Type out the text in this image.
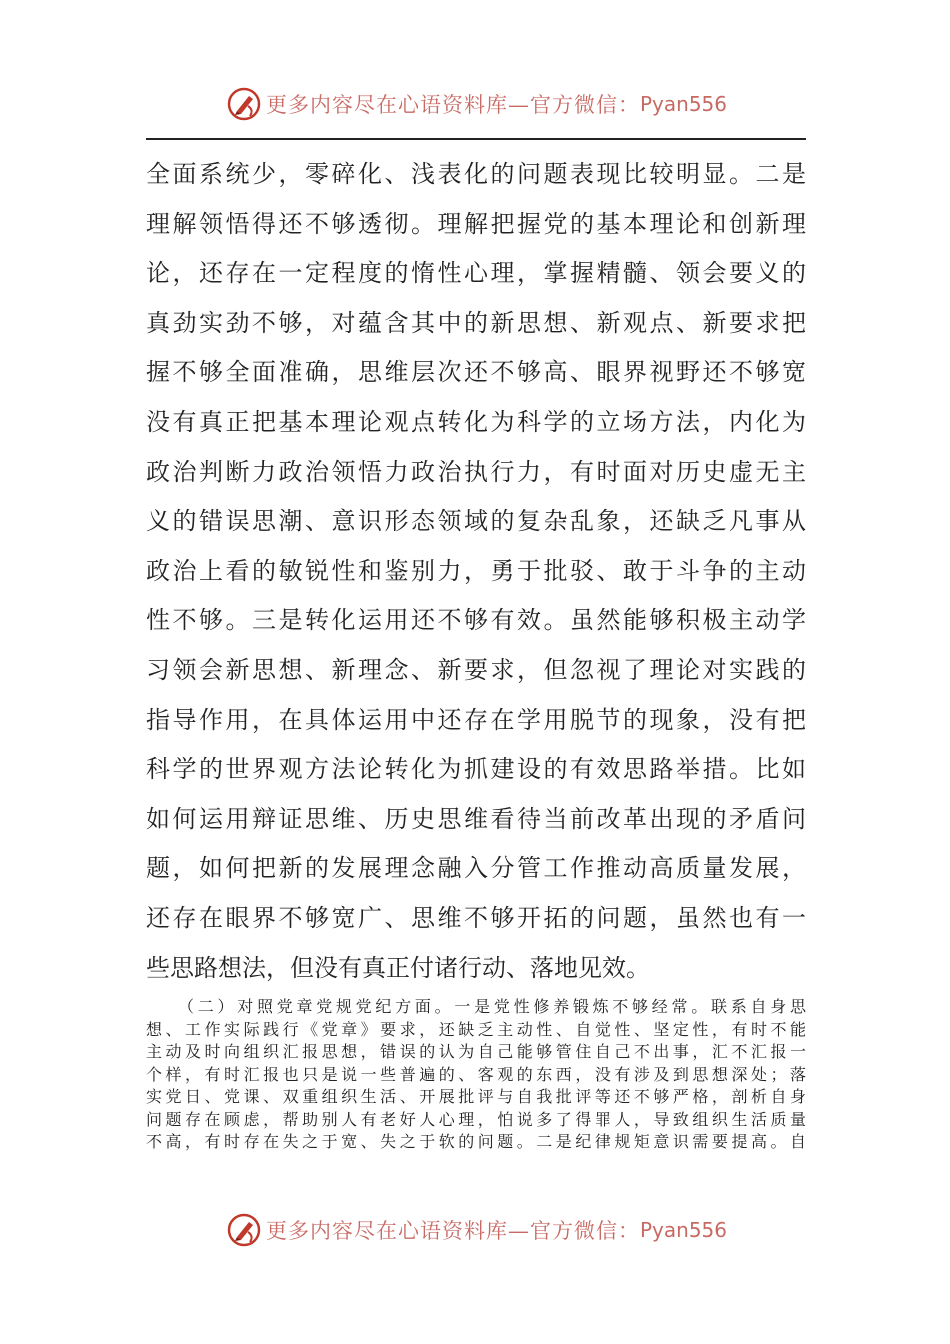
更多内容尽在心语资料库—官方微信： Pyan556
全面系统少，零碎化、浅表化的问题表现比较明显。二是
理解领悟得还不够透彻。理解把握党的基本理论和创新理
论，还存在一定程度的惰性心理，掌握精髓、领会要义的
真劲实劲不够，对蕴含其中的新思想、新观点、新要求把
握不够全面准确，思维层次还不够高、眼界视野还不够宽
没有真正把基本理论观点转化为科学的立场方法，内化为
政治判断力政治领悟力政治执行力，有时面对历史虚无主
义的错误思潮、意识形态领域的复杂乱象，还缺乏凡事从
政治上看的敏锐性和鉴别力，勇于批驳、敢于斗争的主动
性不够。三是转化运用还不够有效。虽然能够积极主动学
习领会新思想、新理念、新要求，但忽视了理论对实践的
指导作用，在具体运用中还存在学用脱节的现象，没有把
科学的世界观方法论转化为抓建设的有效思路举措。比如
如何运用辩证思维、历史思维看待当前改革出现的矛盾问
题，如何把新的发展理念融入分管工作推动高质量发展，
还存在眼界不够宽广、思维不够开拓的问题，虽然也有一
些思路想法，但没有真正付诸行动、落地见效。
（二）对照党章党规党纪方面。一是党性修养锻炼不够经常。联系自身思
想、工作实际践行《党章》要求，还缺乏主动性、自觉性、坚定性，有时不能
主动及时向组织汇报思想，错误的认为自己能够管住自己不出事，汇不汇报一
个样，有时汇报也只是说一些普遍的、客观的东西，没有涉及到思想深处；落
实党日、党课、双重组织生活、开展批评与自我批评等还不够严格，剖析自身
问题存在顾虑，帮助别人有老好人心理，怕说多了得罪人，导致组织生活质量
不高，有时存在失之于宽、失之于软的问题。二是纪律规矩意识需要提高。自
更多内容尽在心语资料库—官方微信： Pyan556
